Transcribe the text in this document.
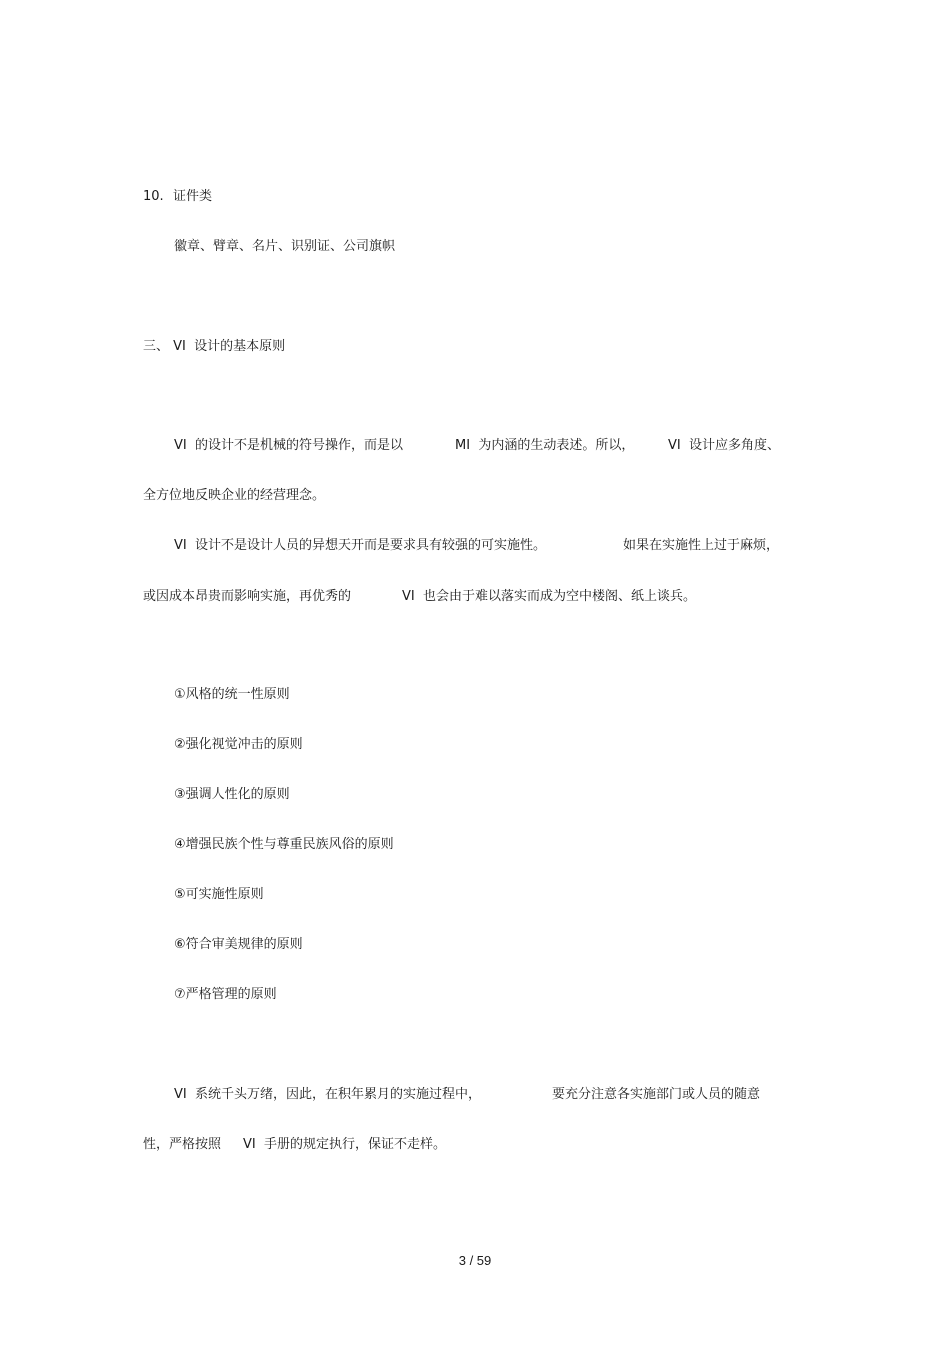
10. 证件类
徽章、臂章、名片、识别证、公司旗帜
三、 VI  设计的基本原则
VI  的设计不是机械的符号操作，而是以	MI  为内涵的生动表述。所以，	VI  设计应多角度、
全方位地反映企业的经营理念。
VI  设计不是设计人员的异想天开而是要求具有较强的可实施性。	如果在实施性上过于麻烦，
或因成本昂贵而影响实施，再优秀的	VI  也会由于难以落实而成为空中楼阁、纸上谈兵。
①风格的统一性原则
②强化视觉冲击的原则
③强调人性化的原则
④增强民族个性与尊重民族风俗的原则
⑤可实施性原则
⑥符合审美规律的原则
⑦严格管理的原则
VI  系统千头万绪，因此，在积年累月的实施过程中，	要充分注意各实施部门或人员的随意
性，严格按照 VI  手册的规定执行，保证不走样。
3 / 59
